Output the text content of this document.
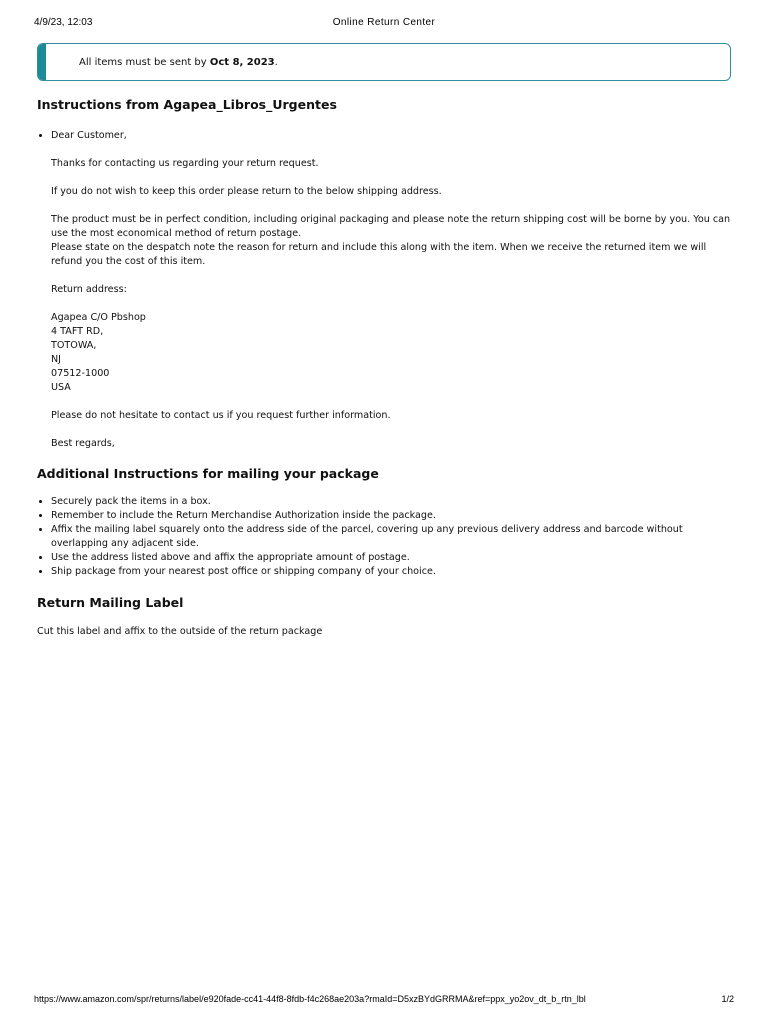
4/9/23, 12:03	Online Return Center
All items must be sent by Oct 8, 2023.
Instructions from Agapea_Libros_Urgentes

• Dear Customer,

Thanks for contacting us regarding your return request.

If you do not wish to keep this order please return to the below shipping address.

The product must be in perfect condition, including original packaging and please note the return shipping cost will be borne by you. You can use the most economical method of return postage.

Please state on the despatch note the reason for return and include this along with the item. When we receive the returned item we will refund you the cost of this item.

Return address:

Agapea C/O Pbshop

4 TAFT RD,

TOTOWA,

NJ

07512-1000

USA

Please do not hesitate to contact us if you request further information.

Best regards,

Additional Instructions for mailing your package
• Securely pack the items in a box.
• Remember to include the Return Merchandise Authorization inside the package.
• Affix the mailing label squarely onto the address side of the parcel, covering up any previous delivery address and barcode without overlapping any adjacent side.
• Use the address listed above and affix the appropriate amount of postage.
• Ship package from your nearest post office or shipping company of your choice.
Return Mailing Label
Cut this label and affix to the outside of the return package
https://www.amazon.com/spr/returns/label/e920fade-cc41-44f8-8fdb-f4c268ae203a?rmaId=D5xzBYdGRRMA&ref=ppx_yo2ov_dt_b_rtn_lbl	1/2
